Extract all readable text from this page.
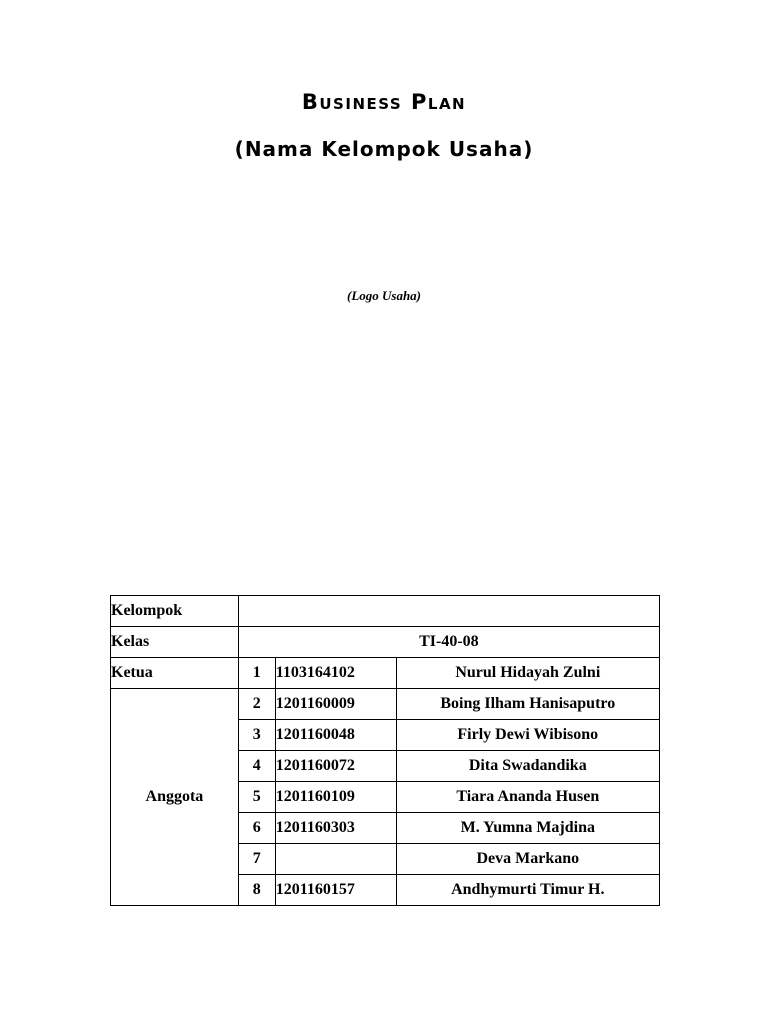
Business Plan
(Nama Kelompok Usaha)
(Logo Usaha)
Kelompok			
Kelas	TI-40-08		
Ketua	1	1103164102	Nurul Hidayah Zulni
Anggota	2	1201160009	Boing Ilham Hanisaputro
	3	1201160048	Firly Dewi Wibisono
	4	1201160072	Dita Swadandika
	5	1201160109	Tiara Ananda Husen
	6	1201160303	M. Yumna Majdina
	7		Deva Markano
	8	1201160157	Andhymurti Timur H.
